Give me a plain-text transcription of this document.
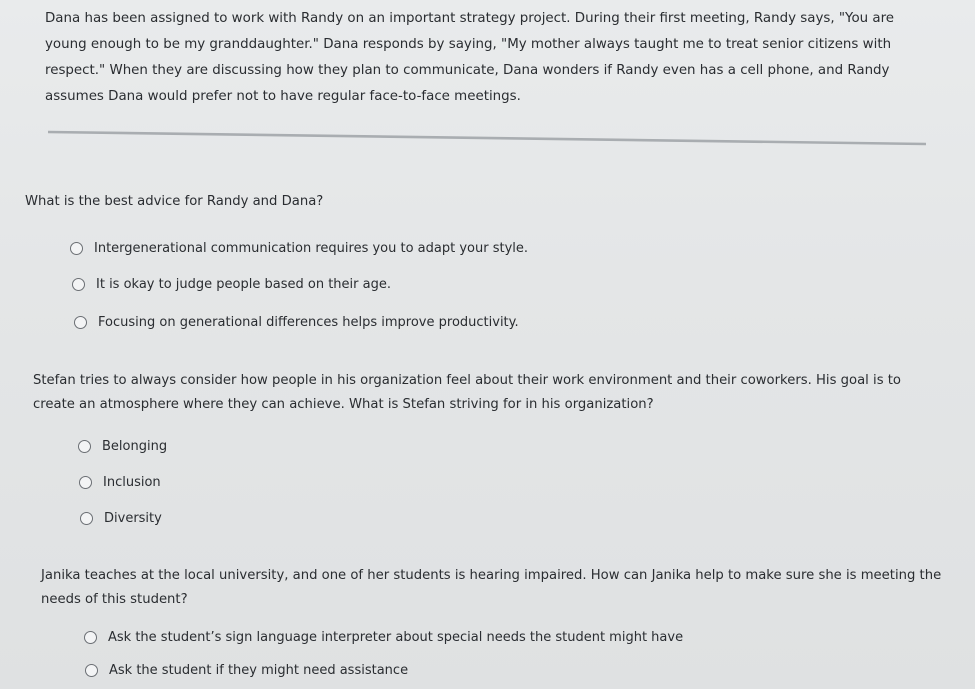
Dana has been assigned to work with Randy on an important strategy project. During their first meeting, Randy says, "You are young enough to be my granddaughter." Dana responds by saying, "My mother always taught me to treat senior citizens with respect." When they are discussing how they plan to communicate, Dana wonders if Randy even has a cell phone, and Randy assumes Dana would prefer not to have regular face-to-face meetings.
What is the best advice for Randy and Dana?
Intergenerational communication requires you to adapt your style.
It is okay to judge people based on their age.
Focusing on generational differences helps improve productivity.
Stefan tries to always consider how people in his organization feel about their work environment and their coworkers. His goal is to create an atmosphere where they can achieve. What is Stefan striving for in his organization?
Belonging
Inclusion
Diversity
Janika teaches at the local university, and one of her students is hearing impaired. How can Janika help to make sure she is meeting the needs of this student?
Ask the student’s sign language interpreter about special needs the student might have
Ask the student if they might need assistance
